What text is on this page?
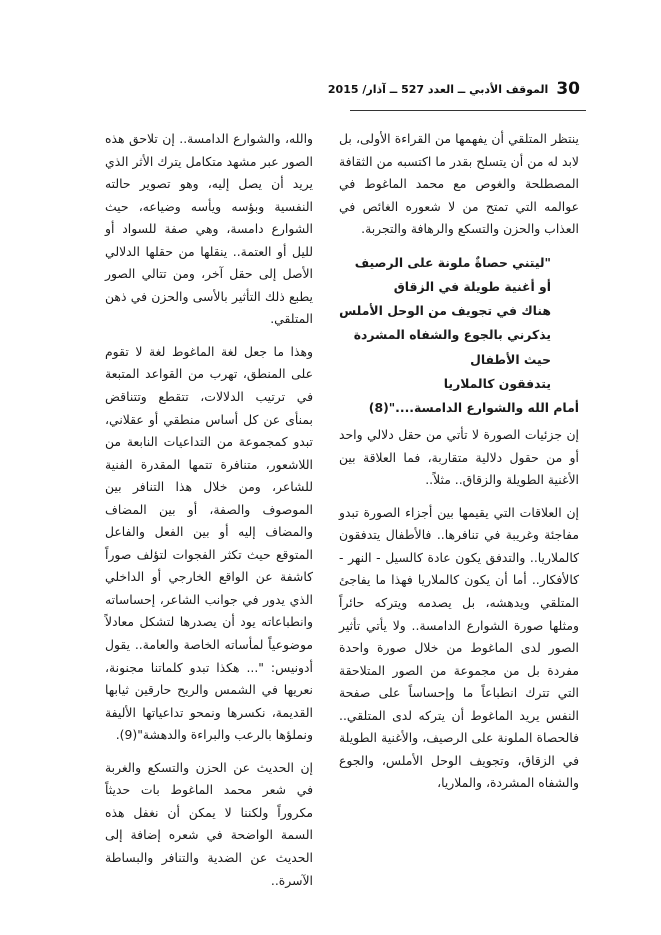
30
الموقف الأدبي ــ العدد 527 ــ آذار/ 2015

ينتظر المتلقي أن يفهمها من القراءة الأولى، بل لابد له من أن يتسلح بقدر ما اكتسبه من الثقافة المصطلحة والغوص مع محمد الماغوط في عوالمه التي تمتح من لا شعوره الغائص في العذاب والحزن والتسكع والرهافة والتجربة.

"ليتني حصاةٌ ملونة على الرصيف
أو أغنية طويلة في الزقاق
هناك في تجويف من الوحل الأملس
يذكرني بالجوع والشفاه المشردة
حيث الأطفال
يتدفقون كالملاريا
أمام الله والشوارع الدامسة...."(8)

إن جزئيات الصورة لا تأتي من حقل دلالي واحد أو من حقول دلالية متقاربة، فما العلاقة بين الأغنية الطويلة والزقاق.. مثلاً..

إن العلاقات التي يقيمها بين أجزاء الصورة تبدو مفاجئة وغريبة في تنافرها.. فالأطفال يتدفقون كالملاريا.. والتدفق يكون عادة كالسيل - النهر - كالأفكار.. أما أن يكون كالملاريا فهذا ما يفاجئ المتلقي ويدهشه، بل يصدمه ويتركه حائراً ومثلها صورة الشوارع الدامسة.. ولا يأتي تأثير الصور لدى الماغوط من خلال صورة واحدة مفردة بل من مجموعة من الصور المتلاحقة التي تترك انطباعاً ما وإحساساً على صفحة النفس يريد الماغوط أن يتركه لدى المتلقي.. فالحصاة الملونة على الرصيف، والأغنية الطويلة في الزقاق، وتجويف الوحل الأملس، والجوع والشفاه المشردة، والملاريا،

والله، والشوارع الدامسة.. إن تلاحق هذه الصور عبر مشهد متكامل يترك الأثر الذي يريد أن يصل إليه، وهو تصوير حالته النفسية وبؤسه ويأسه وضياعه، حيث الشوارع دامسة، وهي صفة للسواد أو لليل أو العتمة.. ينقلها من حقلها الدلالي الأصل إلى حقل آخر، ومن تتالي الصور يطبع ذلك التأثير بالأسى والحزن في ذهن المتلقي.

وهذا ما جعل لغة الماغوط لغة لا تقوم على المنطق، تهرب من القواعد المتبعة في ترتيب الدلالات، تتقطع وتتناقض بمنأى عن كل أساس منطقي أو عقلاني، تبدو كمجموعة من التداعيات النابعة من اللاشعور، متنافرة تتمها المقدرة الفنية للشاعر، ومن خلال هذا التنافر بين الموصوف والصفة، أو بين المضاف والمضاف إليه أو بين الفعل والفاعل المتوقع حيث تكثر الفجوات لتؤلف صوراً كاشفة عن الواقع الخارجي أو الداخلي الذي يدور في جوانب الشاعر، إحساساته وانطباعاته يود أن يصدرها لتشكل معادلاً موضوعياً لمأساته الخاصة والعامة.. يقول أدونيس: "... هكذا تبدو كلماتنا مجنونة، نعريها في الشمس والريح حارقين ثيابها القديمة، نكسرها ونمحو تداعياتها الأليفة ونملؤها بالرعب والبراءة والدهشة"(9).

إن الحديث عن الحزن والتسكع والغربة في شعر محمد الماغوط بات حديثاً مكروراً ولكننا لا يمكن أن نغفل هذه السمة الواضحة في شعره إضافة إلى الحديث عن الضدية والتنافر والبساطة الآسرة..
